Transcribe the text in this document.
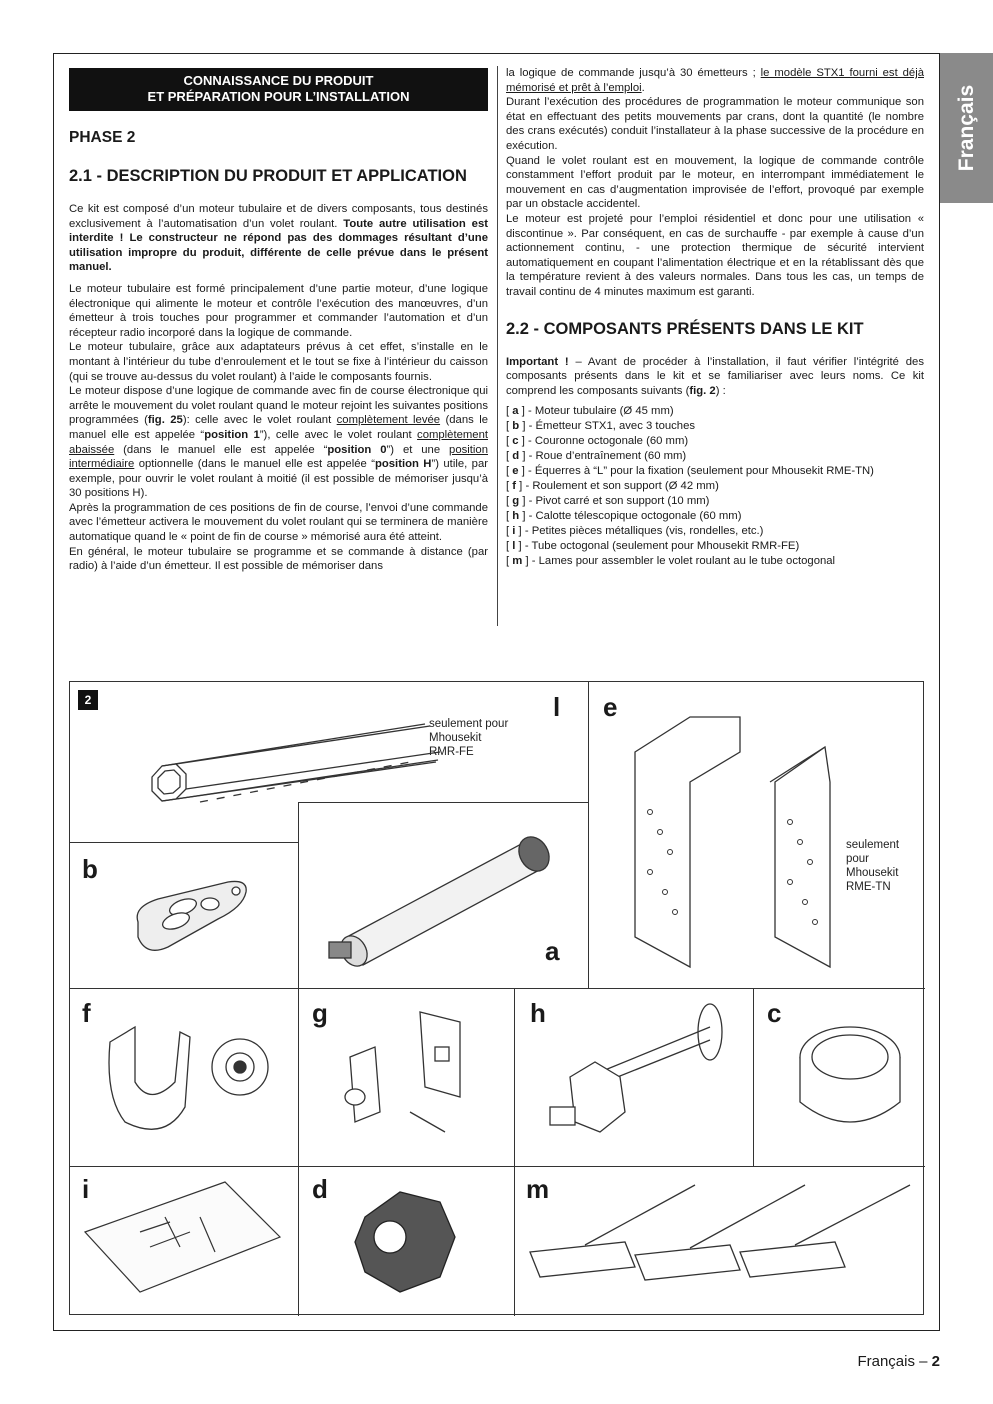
Français
CONNAISSANCE DU PRODUIT
ET PRÉPARATION POUR L’INSTALLATION
PHASE 2
2.1 - DESCRIPTION DU PRODUIT ET APPLICATION

Ce kit est composé d’un moteur tubulaire et de divers composants, tous destinés exclusivement à l’automatisation d’un volet roulant. Toute autre utilisation est interdite ! Le constructeur ne répond pas des dommages résultant d’une utilisation impropre du produit, différente de celle prévue dans le présent manuel.

Le moteur tubulaire est formé principalement d’une partie moteur, d’une logique électronique qui alimente le moteur et contrôle l’exécution des manœuvres, d’un émetteur à trois touches pour programmer et commander l’automation et d’un récepteur radio incorporé dans la logique de commande.

Le moteur tubulaire, grâce aux adaptateurs prévus à cet effet, s’installe en le montant à l’intérieur du tube d’enroulement et le tout se fixe à l’intérieur du caisson (qui se trouve au-dessus du volet roulant) à l’aide le composants fournis.

Le moteur dispose d’une logique de commande avec fin de course électronique qui arrête le mouvement du volet roulant quand le moteur rejoint les suivantes positions programmées (fig. 25): celle avec le volet roulant complètement levée (dans le manuel elle est appelée “position 1”), celle avec le volet roulant complètement abaissée (dans le manuel elle est appelée “position 0”) et une position intermédiaire optionnelle (dans le manuel elle est appelée “position H”) utile, par exemple, pour ouvrir le volet roulant à moitié (il est possible de mémoriser jusqu’à 30 positions H).

Après la programmation de ces positions de fin de course, l’envoi d’une commande avec l’émetteur activera le mouvement du volet roulant qui se terminera de manière automatique quand le « point de fin de course » mémorisé aura été atteint.

En général, le moteur tubulaire se programme et se commande à distance (par radio) à l’aide d’un émetteur. Il est possible de mémoriser dans

la logique de commande jusqu’à 30 émetteurs ; le modèle STX1 fourni est déjà mémorisé et prêt à l’emploi.

Durant l’exécution des procédures de programmation le moteur communique son état en effectuant des petits mouvements par crans, dont la quantité (le nombre des crans exécutés) conduit l’installateur à la phase successive de la procédure en exécution.

Quand le volet roulant est en mouvement, la logique de commande contrôle constamment l’effort produit par le moteur, en interrompant immédiatement le mouvement en cas d’augmentation improvisée de l’effort, provoqué par exemple par un obstacle accidentel.

Le moteur est projeté pour l’emploi résidentiel et donc pour une utilisation « discontinue ». Par conséquent, en cas de surchauffe - par exemple à cause d’un actionnement continu, - une protection thermique de sécurité intervient automatiquement en coupant l’alimentation électrique et en la rétablissant dès que la température revient à des valeurs normales. Dans tous les cas, un temps de travail continu de 4 minutes maximum est garanti.

2.2 - COMPOSANTS PRÉSENTS DANS LE KIT

Important ! – Avant de procéder à l’installation, il faut vérifier l’intégrité des composants présents dans le kit et se familiariser avec leurs noms. Ce kit comprend les composants suivants (fig. 2) :

[ a ] - Moteur tubulaire (Ø 45 mm)
[ b ] - Émetteur STX1, avec 3 touches
[ c ] - Couronne octogonale (60 mm)
[ d ] - Roue d’entraînement (60 mm)
[ e ] - Équerres à “L” pour la fixation (seulement pour Mhousekit RME-TN)
[ f ] - Roulement et son support (Ø 42 mm)
[ g ] - Pivot carré et son support (10 mm)
[ h ] - Calotte télescopique octogonale (60 mm)
[ i ] - Petites pièces métalliques (vis, rondelles, etc.)
[ l ] - Tube octogonal (seulement pour Mhousekit RMR-FE)
[ m ] - Lames pour assembler le volet roulant au le tube octogonal
2	l e
b
a
f	g	h	c
i	d	m
seulement pour
Mhousekit
RMR-FE
seulement
pour
Mhousekit
RME-TN
Français – 2
